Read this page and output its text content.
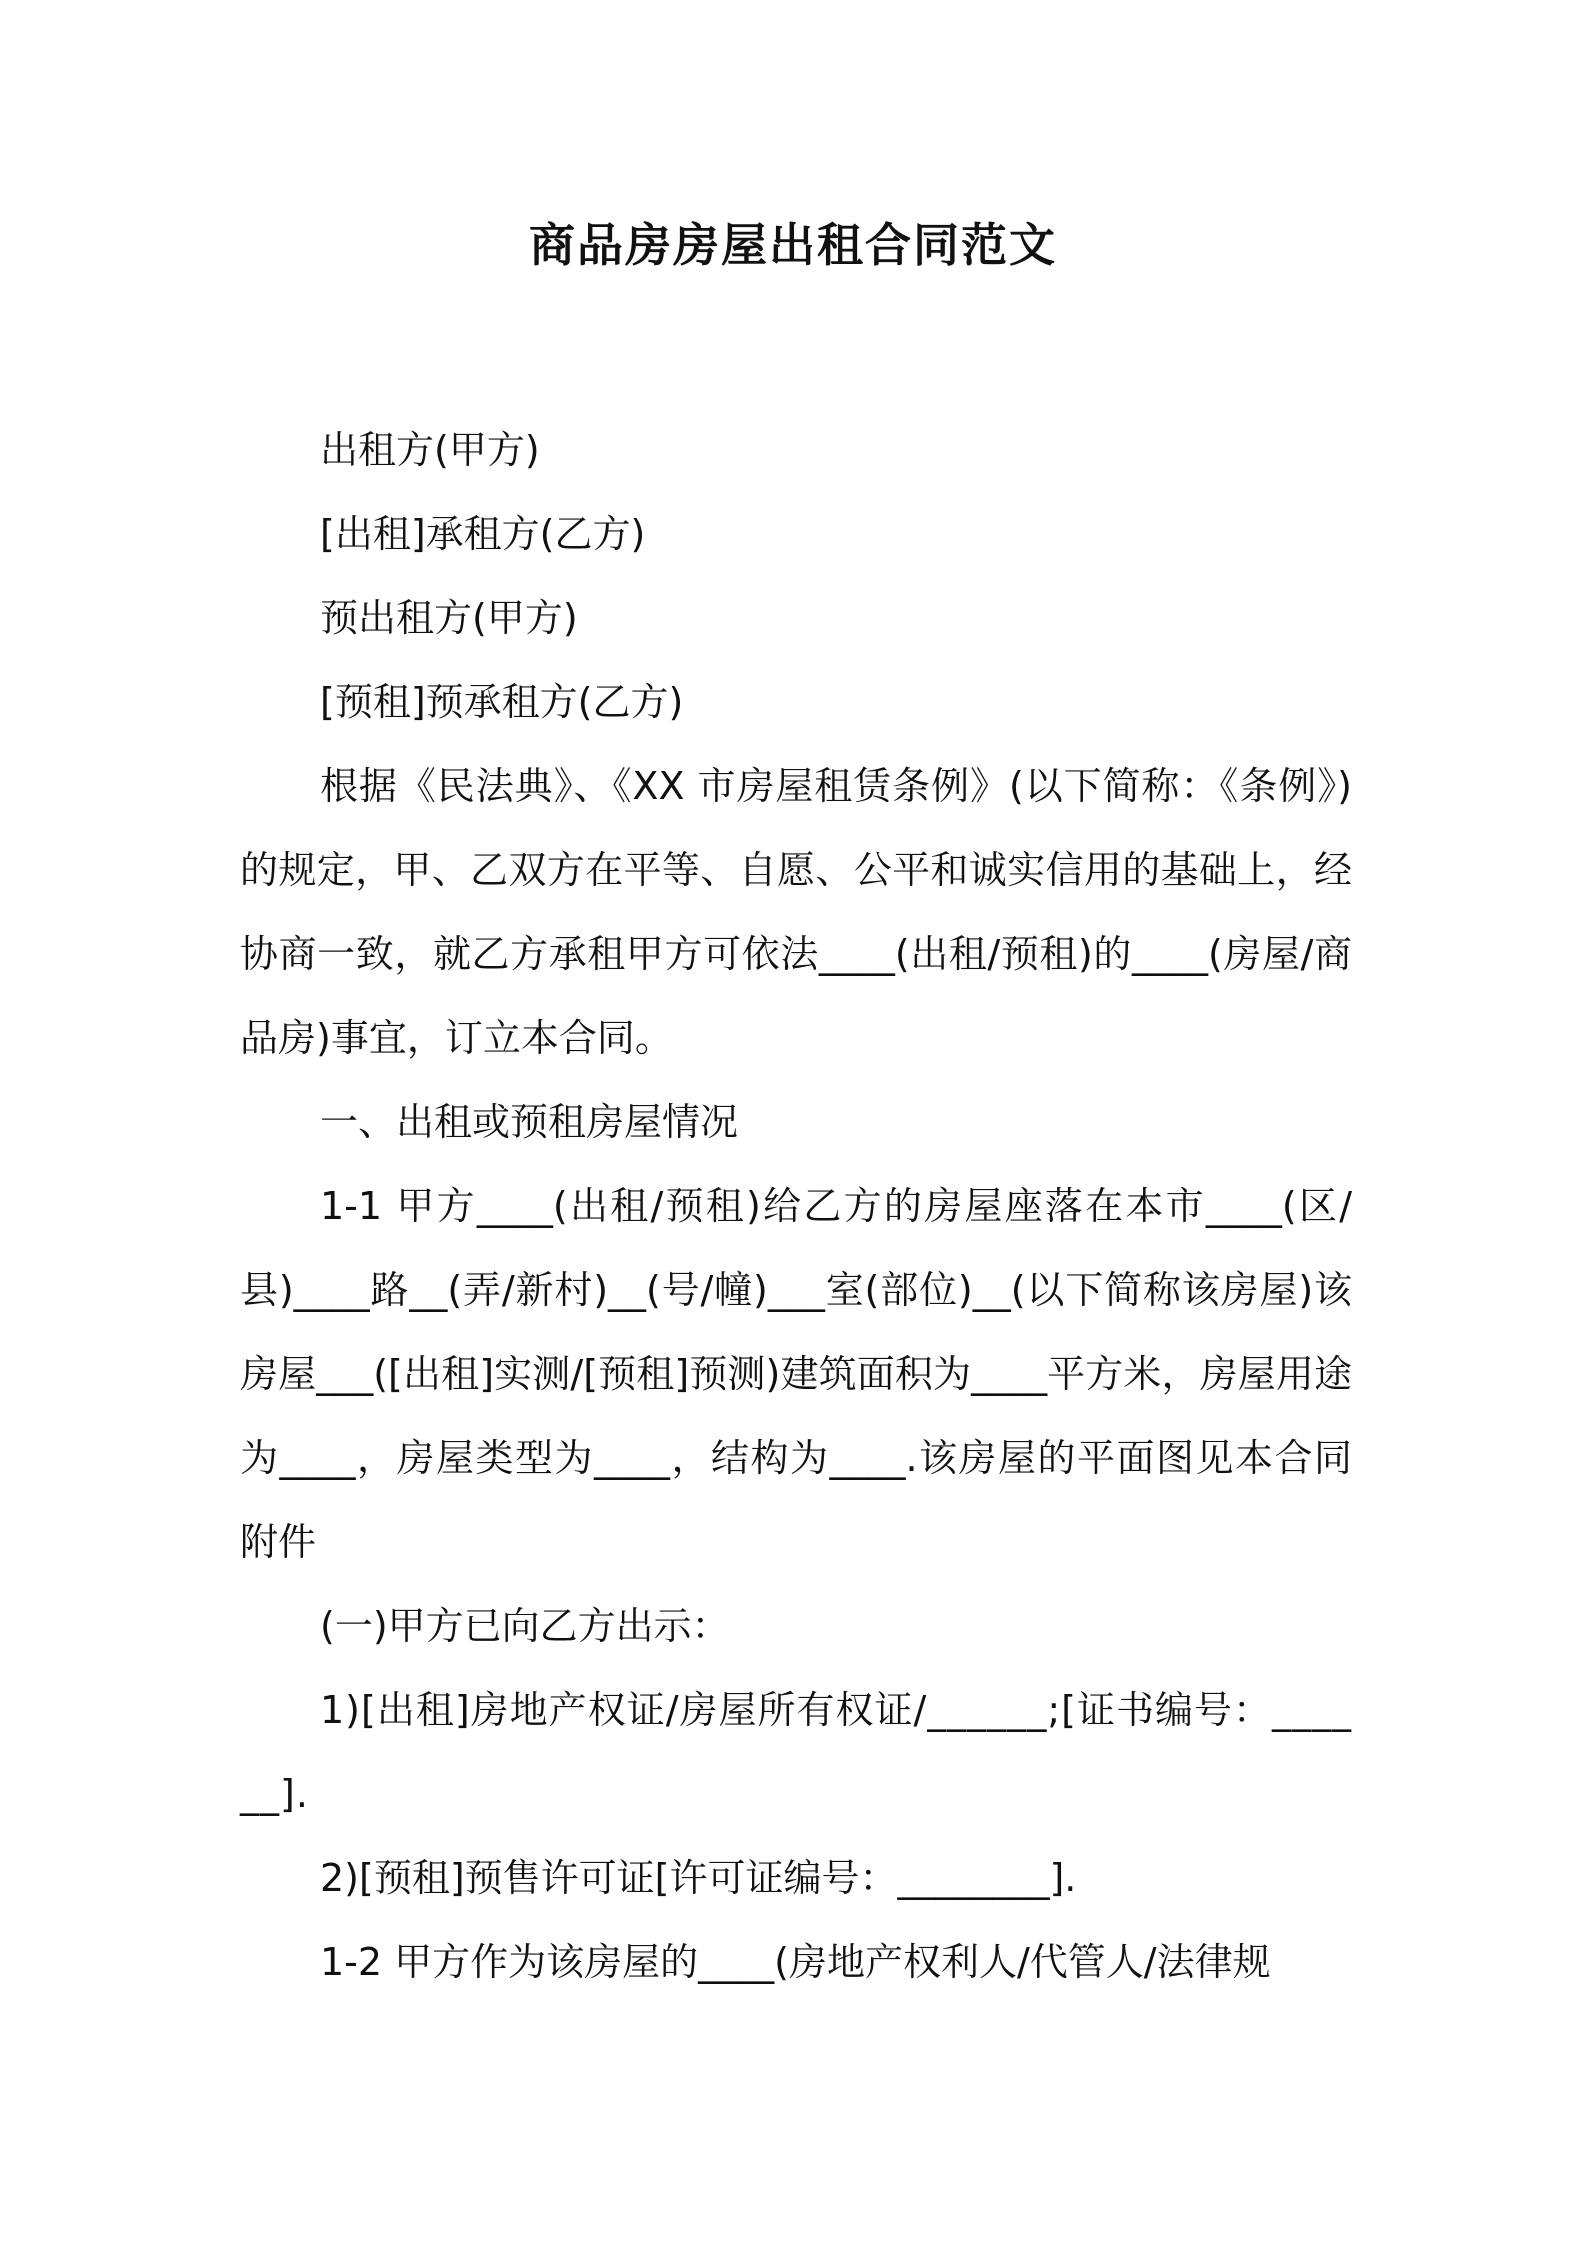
商品房房屋出租合同范文

出租方(甲方)

[出租]承租方(乙方)

预出租方(甲方)

[预租]预承租方(乙方)

根据《民法典》、《XX 市房屋租赁条例》(以下简称：《条例》)的规定，甲、乙双方在平等、自愿、公平和诚实信用的基础上，经协商一致，就乙方承租甲方可依法____(出租/预租)的____(房屋/商品房)事宜，订立本合同。

一、出租或预租房屋情况

1-1 甲方____(出租/预租)给乙方的房屋座落在本市____(区/县)____路__(弄/新村)__(号/幢)___室(部位)__(以下简称该房屋)该房屋___([出租]实测/[预租]预测)建筑面积为____平方米，房屋用途为____，房屋类型为____，结构为____.该房屋的平面图见本合同附件

(一)甲方已向乙方出示：

1)[出租]房地产权证/房屋所有权证/______;[证书编号：______].

2)[预租]预售许可证[许可证编号：________].

1-2 甲方作为该房屋的____(房地产权利人/代管人/法律规
